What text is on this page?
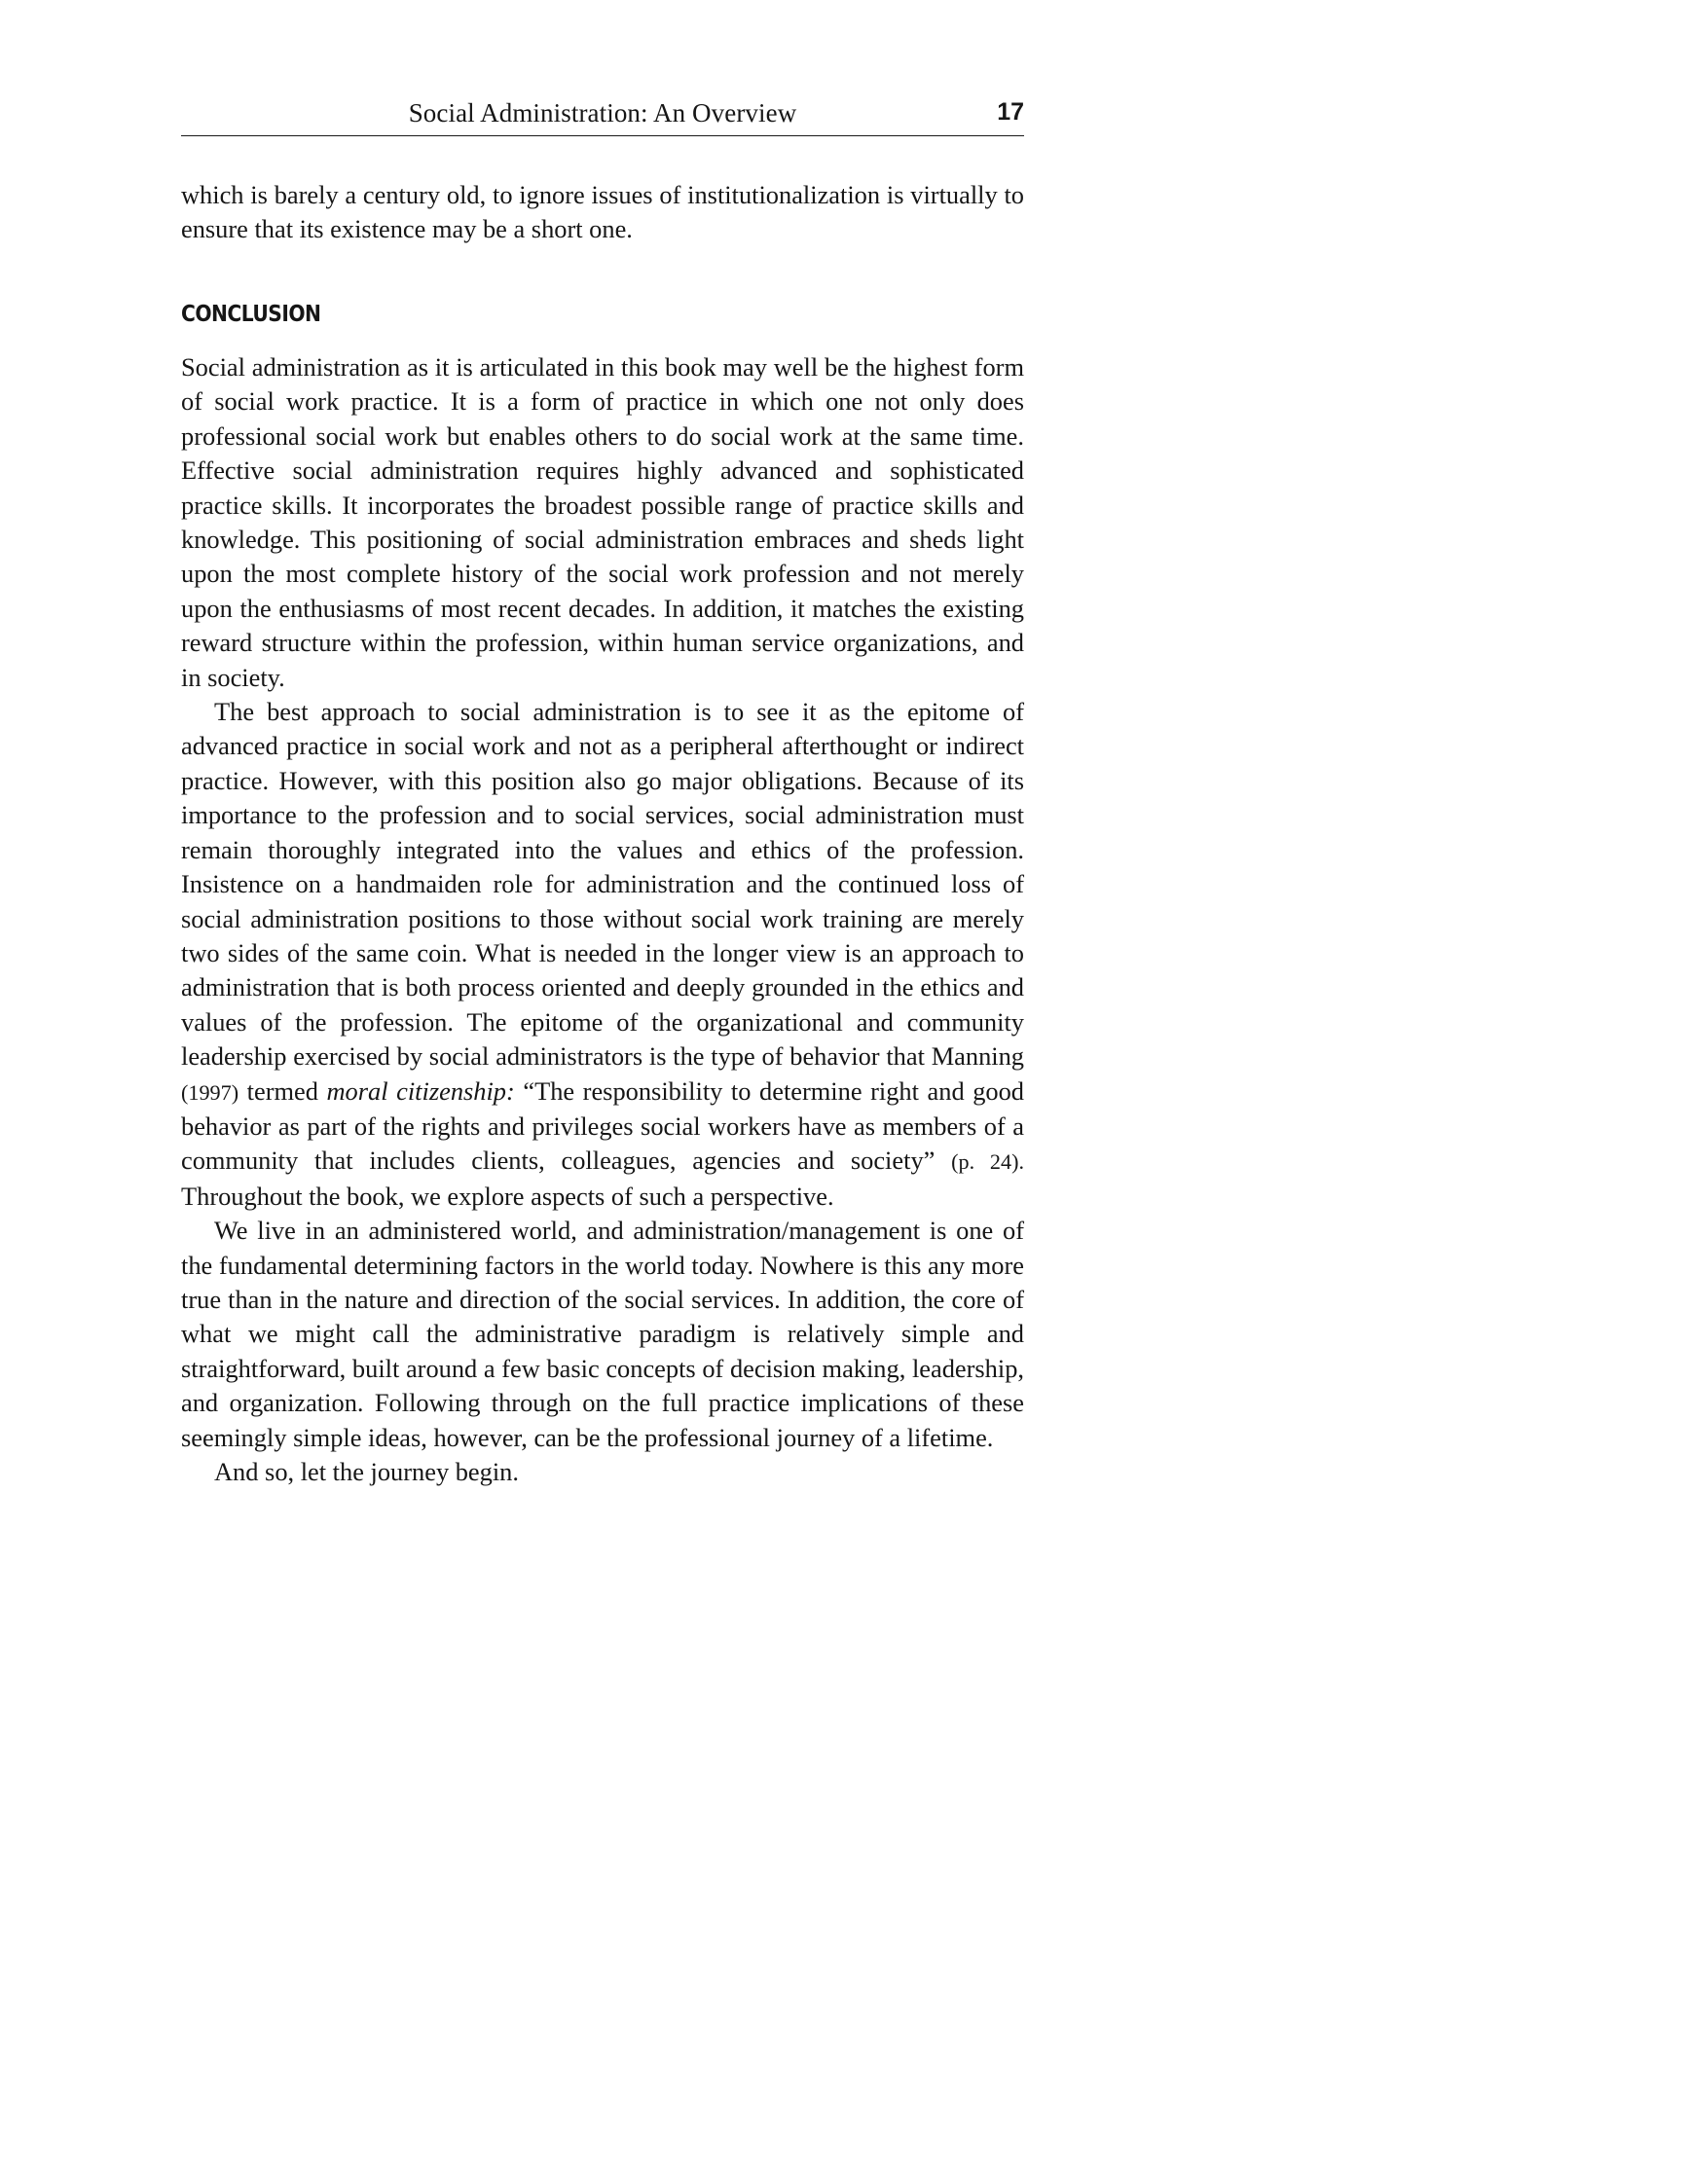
Social Administration: An Overview	17

which is barely a century old, to ignore issues of institutionalization is virtually to ensure that its existence may be a short one.

CONCLUSION

Social administration as it is articulated in this book may well be the highest form of social work practice. It is a form of practice in which one not only does professional social work but enables others to do social work at the same time. Effective social administration requires highly advanced and sophisticated practice skills. It incorporates the broadest possible range of practice skills and knowledge. This positioning of social administration embraces and sheds light upon the most complete history of the social work profession and not merely upon the enthusiasms of most recent decades. In addition, it matches the existing reward structure within the profession, within human service organizations, and in society.

The best approach to social administration is to see it as the epitome of advanced practice in social work and not as a peripheral afterthought or indirect practice. However, with this position also go major obligations. Because of its importance to the profession and to social services, social administration must remain thoroughly integrated into the values and ethics of the profession. Insistence on a handmaiden role for administration and the continued loss of social administration positions to those without social work training are merely two sides of the same coin. What is needed in the longer view is an approach to administration that is both process oriented and deeply grounded in the ethics and values of the profession. The epitome of the organizational and community leadership exercised by social administrators is the type of behavior that Manning (1997) termed moral citizenship: “The responsibility to determine right and good behavior as part of the rights and privileges social workers have as members of a community that includes clients, colleagues, agencies and society” (p. 24). Throughout the book, we explore aspects of such a perspective.

We live in an administered world, and administration/management is one of the fundamental determining factors in the world today. Nowhere is this any more true than in the nature and direction of the social services. In addition, the core of what we might call the administrative paradigm is relatively simple and straightforward, built around a few basic concepts of decision making, leadership, and organization. Following through on the full practice implications of these seemingly simple ideas, however, can be the professional journey of a lifetime.

And so, let the journey begin.
